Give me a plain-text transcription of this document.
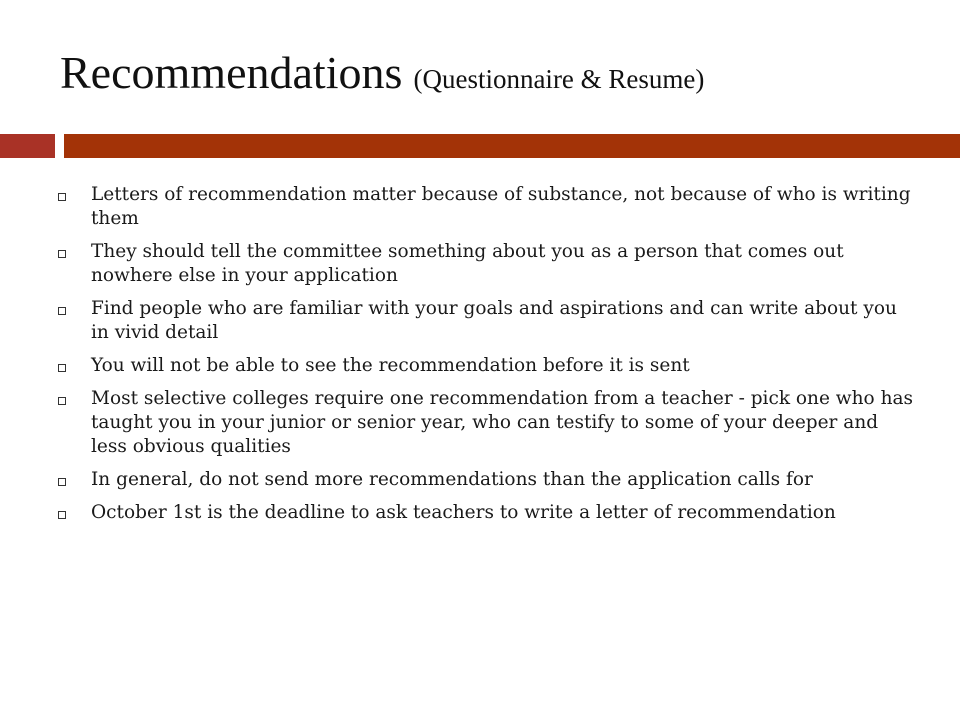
Recommendations (Questionnaire & Resume)
Letters of recommendation matter because of substance, not because of who is writing them
They should tell the committee something about you as a person that comes out nowhere else in your application
Find people who are familiar with your goals and aspirations and can write about you in vivid detail
You will not be able to see the recommendation before it is sent
Most selective colleges require one recommendation from a teacher - pick one who has taught you in your junior or senior year, who can testify to some of your deeper and less obvious qualities
In general, do not send more recommendations than the application calls for
October 1st is the deadline to ask teachers to write a letter of recommendation
